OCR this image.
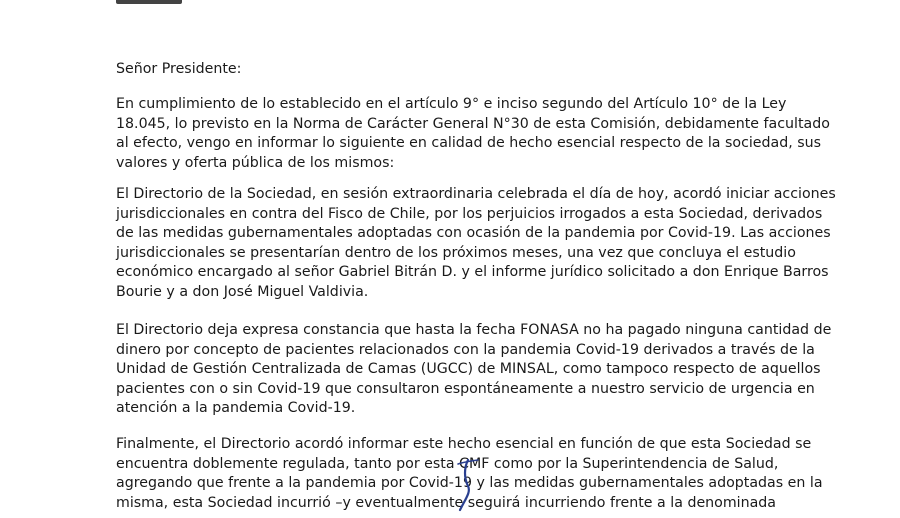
Señor Presidente:
En cumplimiento de lo establecido en el artículo 9° e inciso segundo del Artículo 10° de la Ley
18.045, lo previsto en la Norma de Carácter General N°30 de esta Comisión, debidamente facultado
al efecto, vengo en informar lo siguiente en calidad de hecho esencial respecto de la sociedad, sus
valores y oferta pública de los mismos:
El Directorio de la Sociedad, en sesión extraordinaria celebrada el día de hoy, acordó iniciar acciones
jurisdiccionales en contra del Fisco de Chile, por los perjuicios irrogados a esta Sociedad, derivados
de las medidas gubernamentales adoptadas con ocasión de la pandemia por Covid-19. Las acciones
jurisdiccionales se presentarían dentro de los próximos meses, una vez que concluya el estudio
económico encargado al señor Gabriel Bitrán D. y el informe jurídico solicitado a don Enrique Barros
Bourie y a don José Miguel Valdivia.
El Directorio deja expresa constancia que hasta la fecha FONASA no ha pagado ninguna cantidad de
dinero por concepto de pacientes relacionados con la pandemia Covid-19 derivados a través de la
Unidad de Gestión Centralizada de Camas (UGCC) de MINSAL, como tampoco respecto de aquellos
pacientes con o sin Covid-19 que consultaron espontáneamente a nuestro servicio de urgencia en
atención a la pandemia Covid-19.
Finalmente, el Directorio acordó informar este hecho esencial en función de que esta Sociedad se
encuentra doblemente regulada, tanto por esta CMF como por la Superintendencia de Salud,
agregando que frente a la pandemia por Covid-19 y las medidas gubernamentales adoptadas en la
misma, esta Sociedad incurrió –y eventualmente seguirá incurriendo frente a la denominada
